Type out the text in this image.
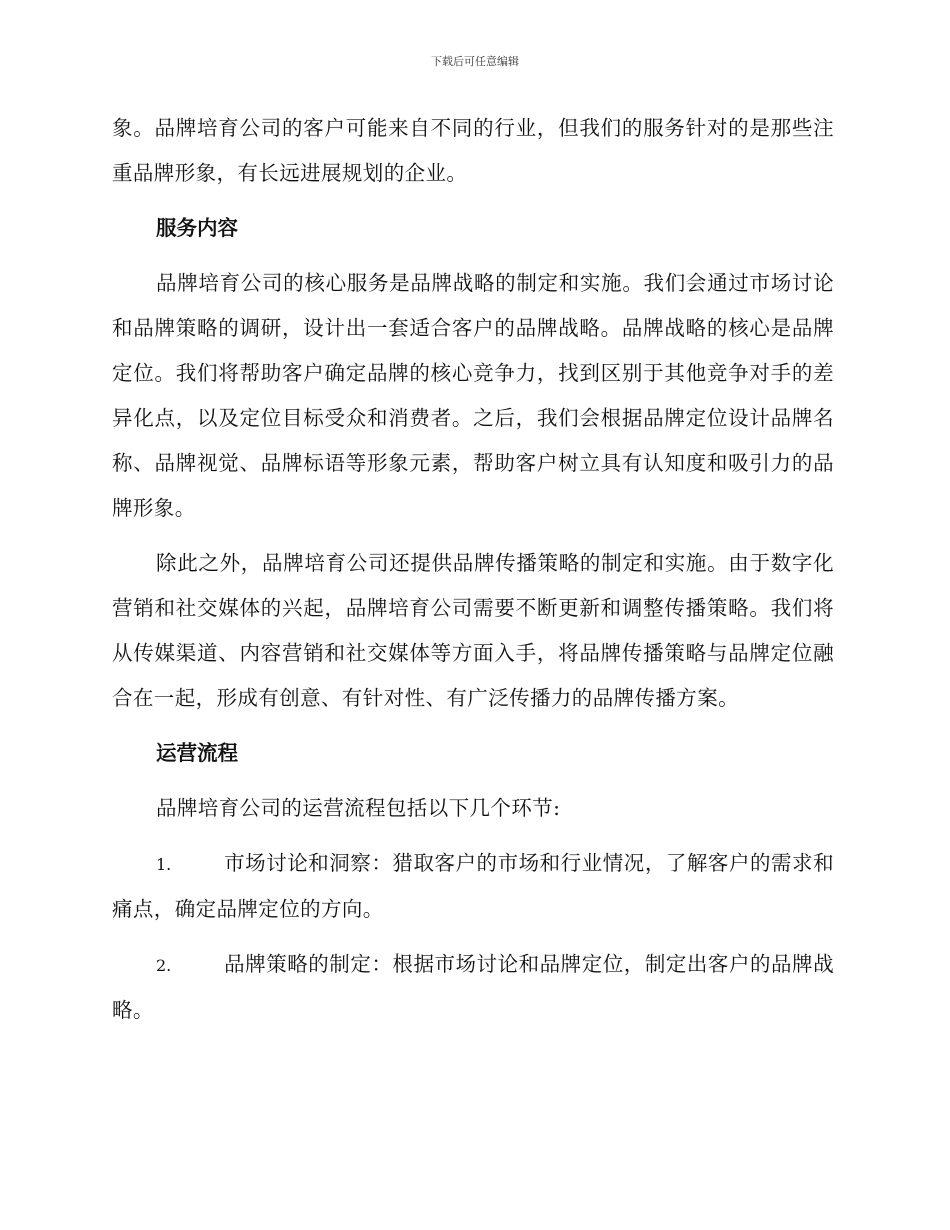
下载后可任意编辑

象。品牌培育公司的客户可能来自不同的行业，但我们的服务针对的是那些注重品牌形象，有长远进展规划的企业。

服务内容

品牌培育公司的核心服务是品牌战略的制定和实施。我们会通过市场讨论和品牌策略的调研，设计出一套适合客户的品牌战略。品牌战略的核心是品牌定位。我们将帮助客户确定品牌的核心竞争力，找到区别于其他竞争对手的差异化点，以及定位目标受众和消费者。之后，我们会根据品牌定位设计品牌名称、品牌视觉、品牌标语等形象元素，帮助客户树立具有认知度和吸引力的品牌形象。

除此之外，品牌培育公司还提供品牌传播策略的制定和实施。由于数字化营销和社交媒体的兴起，品牌培育公司需要不断更新和调整传播策略。我们将从传媒渠道、内容营销和社交媒体等方面入手，将品牌传播策略与品牌定位融合在一起，形成有创意、有针对性、有广泛传播力的品牌传播方案。

运营流程

品牌培育公司的运营流程包括以下几个环节:

1.	市场讨论和洞察：猎取客户的市场和行业情况，了解客户的需求和痛点，确定品牌定位的方向。

2.	品牌策略的制定：根据市场讨论和品牌定位，制定出客户的品牌战略。
